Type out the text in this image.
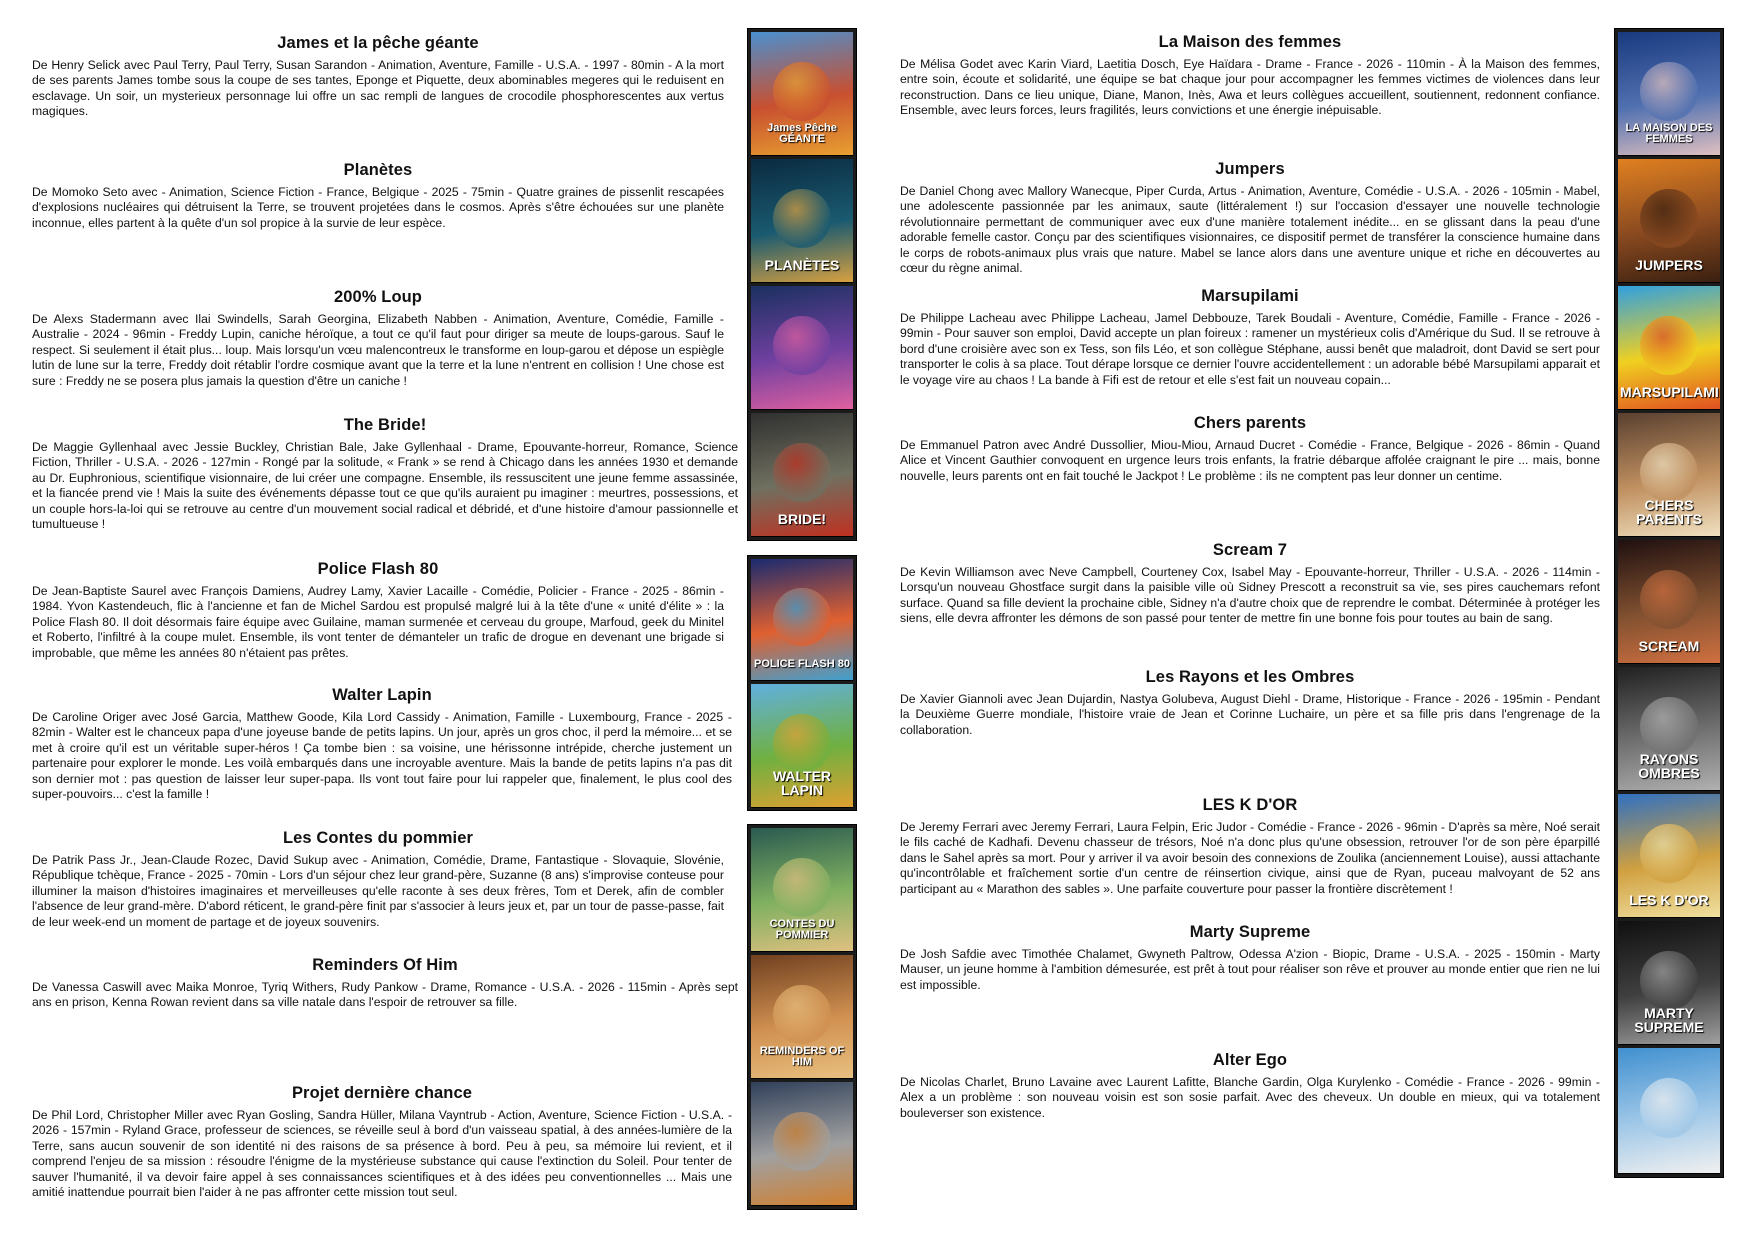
James et la pêche géante

De Henry Selick avec Paul Terry, Paul Terry, Susan Sarandon - Animation, Aventure, Famille - U.S.A. - 1997 - 80min - A la mort de ses parents James tombe sous la coupe de ses tantes, Eponge et Piquette, deux abominables megeres qui le reduisent en esclavage. Un soir, un mysterieux personnage lui offre un sac rempli de langues de crocodile phosphorescentes aux vertus magiques.

Planètes

De Momoko Seto avec - Animation, Science Fiction - France, Belgique - 2025 - 75min - Quatre graines de pissenlit rescapées d'explosions nucléaires qui détruisent la Terre, se trouvent projetées dans le cosmos. Après s'être échouées sur une planète inconnue, elles partent à la quête d'un sol propice à la survie de leur espèce.

200% Loup

De Alexs Stadermann avec Ilai Swindells, Sarah Georgina, Elizabeth Nabben - Animation, Aventure, Comédie, Famille - Australie - 2024 - 96min - Freddy Lupin, caniche héroïque, a tout ce qu'il faut pour diriger sa meute de loups-garous. Sauf le respect. Si seulement il était plus... loup. Mais lorsqu'un vœu malencontreux le transforme en loup-garou et dépose un espiègle lutin de lune sur la terre, Freddy doit rétablir l'ordre cosmique avant que la terre et la lune n'entrent en collision ! Une chose est sure : Freddy ne se posera plus jamais la question d'être un caniche !

The Bride!

De Maggie Gyllenhaal avec Jessie Buckley, Christian Bale, Jake Gyllenhaal - Drame, Epouvante-horreur, Romance, Science Fiction, Thriller - U.S.A. - 2026 - 127min - Rongé par la solitude, « Frank » se rend à Chicago dans les années 1930 et demande au Dr. Euphronious, scientifique visionnaire, de lui créer une compagne. Ensemble, ils ressuscitent une jeune femme assassinée, et la fiancée prend vie ! Mais la suite des événements dépasse tout ce que qu'ils auraient pu imaginer : meurtres, possessions, et un couple hors-la-loi qui se retrouve au centre d'un mouvement social radical et débridé, et d'une histoire d'amour passionnelle et tumultueuse !

Police Flash 80

De Jean-Baptiste Saurel avec François Damiens, Audrey Lamy, Xavier Lacaille - Comédie, Policier - France - 2025 - 86min - 1984. Yvon Kastendeuch, flic à l'ancienne et fan de Michel Sardou est propulsé malgré lui à la tête d'une « unité d'élite » : la Police Flash 80. Il doit désormais faire équipe avec Guilaine, maman surmenée et cerveau du groupe, Marfoud, geek du Minitel et Roberto, l'infiltré à la coupe mulet. Ensemble, ils vont tenter de démanteler un trafic de drogue en devenant une brigade si improbable, que même les années 80 n'étaient pas prêtes.

Walter Lapin

De Caroline Origer avec José Garcia, Matthew Goode, Kila Lord Cassidy - Animation, Famille - Luxembourg, France - 2025 - 82min - Walter est le chanceux papa d'une joyeuse bande de petits lapins. Un jour, après un gros choc, il perd la mémoire... et se met à croire qu'il est un véritable super-héros ! Ça tombe bien : sa voisine, une hérissonne intrépide, cherche justement un partenaire pour explorer le monde. Les voilà embarqués dans une incroyable aventure. Mais la bande de petits lapins n'a pas dit son dernier mot : pas question de laisser leur super-papa. Ils vont tout faire pour lui rappeler que, finalement, le plus cool des super-pouvoirs... c'est la famille !

Les Contes du pommier

De Patrik Pass Jr., Jean-Claude Rozec, David Sukup avec - Animation, Comédie, Drame, Fantastique - Slovaquie, Slovénie, République tchèque, France - 2025 - 70min - Lors d'un séjour chez leur grand-père, Suzanne (8 ans) s'improvise conteuse pour illuminer la maison d'histoires imaginaires et merveilleuses qu'elle raconte à ses deux frères, Tom et Derek, afin de combler l'absence de leur grand-mère. D'abord réticent, le grand-père finit par s'associer à leurs jeux et, par un tour de passe-passe, fait de leur week-end un moment de partage et de joyeux souvenirs.

Reminders Of Him

De Vanessa Caswill avec Maika Monroe, Tyriq Withers, Rudy Pankow - Drame, Romance - U.S.A. - 2026 - 115min - Après sept ans en prison, Kenna Rowan revient dans sa ville natale dans l'espoir de retrouver sa fille.

Projet dernière chance

De Phil Lord, Christopher Miller avec Ryan Gosling, Sandra Hüller, Milana Vayntrub - Action, Aventure, Science Fiction - U.S.A. - 2026 - 157min - Ryland Grace, professeur de sciences, se réveille seul à bord d'un vaisseau spatial, à des années-lumière de la Terre, sans aucun souvenir de son identité ni des raisons de sa présence à bord. Peu à peu, sa mémoire lui revient, et il comprend l'enjeu de sa mission : résoudre l'énigme de la mystérieuse substance qui cause l'extinction du Soleil. Pour tenter de sauver l'humanité, il va devoir faire appel à ses connaissances scientifiques et à des idées peu conventionnelles ... Mais une amitié inattendue pourrait bien l'aider à ne pas affronter cette mission tout seul.

La Maison des femmes

De Mélisa Godet avec Karin Viard, Laetitia Dosch, Eye Haïdara - Drame - France - 2026 - 110min - À la Maison des femmes, entre soin, écoute et solidarité, une équipe se bat chaque jour pour accompagner les femmes victimes de violences dans leur reconstruction. Dans ce lieu unique, Diane, Manon, Inès, Awa et leurs collègues accueillent, soutiennent, redonnent confiance. Ensemble, avec leurs forces, leurs fragilités, leurs convictions et une énergie inépuisable.

Jumpers

De Daniel Chong avec Mallory Wanecque, Piper Curda, Artus - Animation, Aventure, Comédie - U.S.A. - 2026 - 105min - Mabel, une adolescente passionnée par les animaux, saute (littéralement !) sur l'occasion d'essayer une nouvelle technologie révolutionnaire permettant de communiquer avec eux d'une manière totalement inédite... en se glissant dans la peau d'une adorable femelle castor. Conçu par des scientifiques visionnaires, ce dispositif permet de transférer la conscience humaine dans le corps de robots-animaux plus vrais que nature. Mabel se lance alors dans une aventure unique et riche en découvertes au cœur du règne animal.

Marsupilami

De Philippe Lacheau avec Philippe Lacheau, Jamel Debbouze, Tarek Boudali - Aventure, Comédie, Famille - France - 2026 - 99min - Pour sauver son emploi, David accepte un plan foireux : ramener un mystérieux colis d'Amérique du Sud. Il se retrouve à bord d'une croisière avec son ex Tess, son fils Léo, et son collègue Stéphane, aussi benêt que maladroit, dont David se sert pour transporter le colis à sa place. Tout dérape lorsque ce dernier l'ouvre accidentellement : un adorable bébé Marsupilami apparait et le voyage vire au chaos ! La bande à Fifi est de retour et elle s'est fait un nouveau copain...

Chers parents

De Emmanuel Patron avec André Dussollier, Miou-Miou, Arnaud Ducret - Comédie - France, Belgique - 2026 - 86min - Quand Alice et Vincent Gauthier convoquent en urgence leurs trois enfants, la fratrie débarque affolée craignant le pire ... mais, bonne nouvelle, leurs parents ont en fait touché le Jackpot ! Le problème : ils ne comptent pas leur donner un centime.

Scream 7

De Kevin Williamson avec Neve Campbell, Courteney Cox, Isabel May - Epouvante-horreur, Thriller - U.S.A. - 2026 - 114min - Lorsqu'un nouveau Ghostface surgit dans la paisible ville où Sidney Prescott a reconstruit sa vie, ses pires cauchemars refont surface. Quand sa fille devient la prochaine cible, Sidney n'a d'autre choix que de reprendre le combat. Déterminée à protéger les siens, elle devra affronter les démons de son passé pour tenter de mettre fin une bonne fois pour toutes au bain de sang.

Les Rayons et les Ombres

De Xavier Giannoli avec Jean Dujardin, Nastya Golubeva, August Diehl - Drame, Historique - France - 2026 - 195min - Pendant la Deuxième Guerre mondiale, l'histoire vraie de Jean et Corinne Luchaire, un père et sa fille pris dans l'engrenage de la collaboration.

LES K D'OR

De Jeremy Ferrari avec Jeremy Ferrari, Laura Felpin, Eric Judor - Comédie - France - 2026 - 96min - D'après sa mère, Noé serait le fils caché de Kadhafi. Devenu chasseur de trésors, Noé n'a donc plus qu'une obsession, retrouver l'or de son père éparpillé dans le Sahel après sa mort. Pour y arriver il va avoir besoin des connexions de Zoulika (anciennement Louise), aussi attachante qu'incontrôlable et fraîchement sortie d'un centre de réinsertion civique, ainsi que de Ryan, puceau malvoyant de 52 ans participant au « Marathon des sables ». Une parfaite couverture pour passer la frontière discrètement !

Marty Supreme

De Josh Safdie avec Timothée Chalamet, Gwyneth Paltrow, Odessa A'zion - Biopic, Drame - U.S.A. - 2025 - 150min - Marty Mauser, un jeune homme à l'ambition démesurée, est prêt à tout pour réaliser son rêve et prouver au monde entier que rien ne lui est impossible.

Alter Ego

De Nicolas Charlet, Bruno Lavaine avec Laurent Lafitte, Blanche Gardin, Olga Kurylenko - Comédie - France - 2026 - 99min - Alex a un problème : son nouveau voisin est son sosie parfait. Avec des cheveux. Un double en mieux, qui va totalement bouleverser son existence.

James Pêche GÉANTE
PLANÈTES
BRIDE!
POLICE FLASH 80
WALTER LAPIN
CONTES DU POMMIER
REMINDERS OF HIM
LA MAISON DES FEMMES
JUMPERS
MARSUPILAMI
CHERS PARENTS
SCREAM
RAYONS OMBRES
LES K D'OR
MARTY SUPREME
